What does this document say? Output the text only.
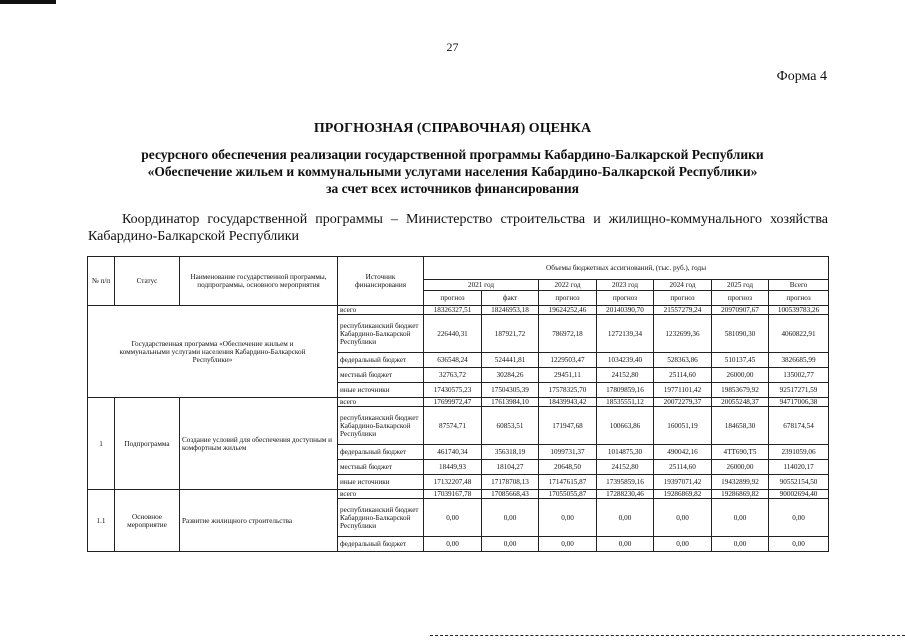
27
Форма 4
ПРОГНОЗНАЯ (СПРАВОЧНАЯ) ОЦЕНКА
ресурсного обеспечения реализации государственной программы Кабардино-Балкарской Республики
«Обеспечение жильем и коммунальными услугами населения Кабардино-Балкарской Республики»
за счет всех источников финансирования
Координатор государственной программы – Министерство строительства и жилищно-коммунального хозяйства Кабардино-Балкарской Республики
№ п/п	Статус	Наименование государственной программы, подпрограммы, основного мероприятия	Источник финансирования	Объемы бюджетных ассигнований, (тыс. руб.), годы						
				2021 год		2022 год	2023 год	2024 год	2025 год	Всего
				прогноз	факт	прогноз	прогноз	прогноз	прогноз	прогноз
Государственная программа «Обеспечение жильем и коммунальными услугами населения Кабардино-Балкарской Республики»			всего	18326327,51	18246953,18	19624252,46	20140390,70	21557279,24	20970907,67	100539783,26
			республиканский бюджет Кабардино-Балкарской Республики	226440,31	187921,72	786972,18	1272139,34	1232699,36	581090,30	4060822,91
			федеральный бюджет	636548,24	524441,81	1229503,47	1034239,40	528363,86	510137,45	3826685,99
			местный бюджет	32763,72	30284,26	29451,11	24152,80	25114,60	26000,00	135002,77
			иные источники	17430575,23	17504305,39	17578325,70	17809859,16	19771101,42	19853679,92	92517271,59
1	Подпрограмма	Создание условий для обеспечения доступным и комфортным жильем	всего	17699972,47	17613984,10	18439943,42	18535551,12	20072279,37	20055248,37	94717006,38
			республиканский бюджет Кабардино-Балкарской Республики	87574,71	60853,51	171947,68	100663,86	160051,19	184658,30	678174,54
			федеральный бюджет	461740,34	356318,19	1099731,37	1014875,30	490042,16	4TT690,T5	2391059,06
			местный бюджет	18449,93	18104,27	20648,50	24152,80	25114,60	26000,00	114020,17
			иные источники	17132207,48	17178708,13	17147615,87	17395859,16	19397071,42	19432899,92	90552154,50
1.1	Основное мероприятие	Развитие жилищного строительства	всего	17039167,78	17085668,43	17055055,87	17288230,46	19286869,82	19286869,82	90002694,40
			республиканский бюджет Кабардино-Балкарской Республики	0,00	0,00	0,00	0,00	0,00	0,00	0,00
			федеральный бюджет	0,00	0,00	0,00	0,00	0,00	0,00	0,00
